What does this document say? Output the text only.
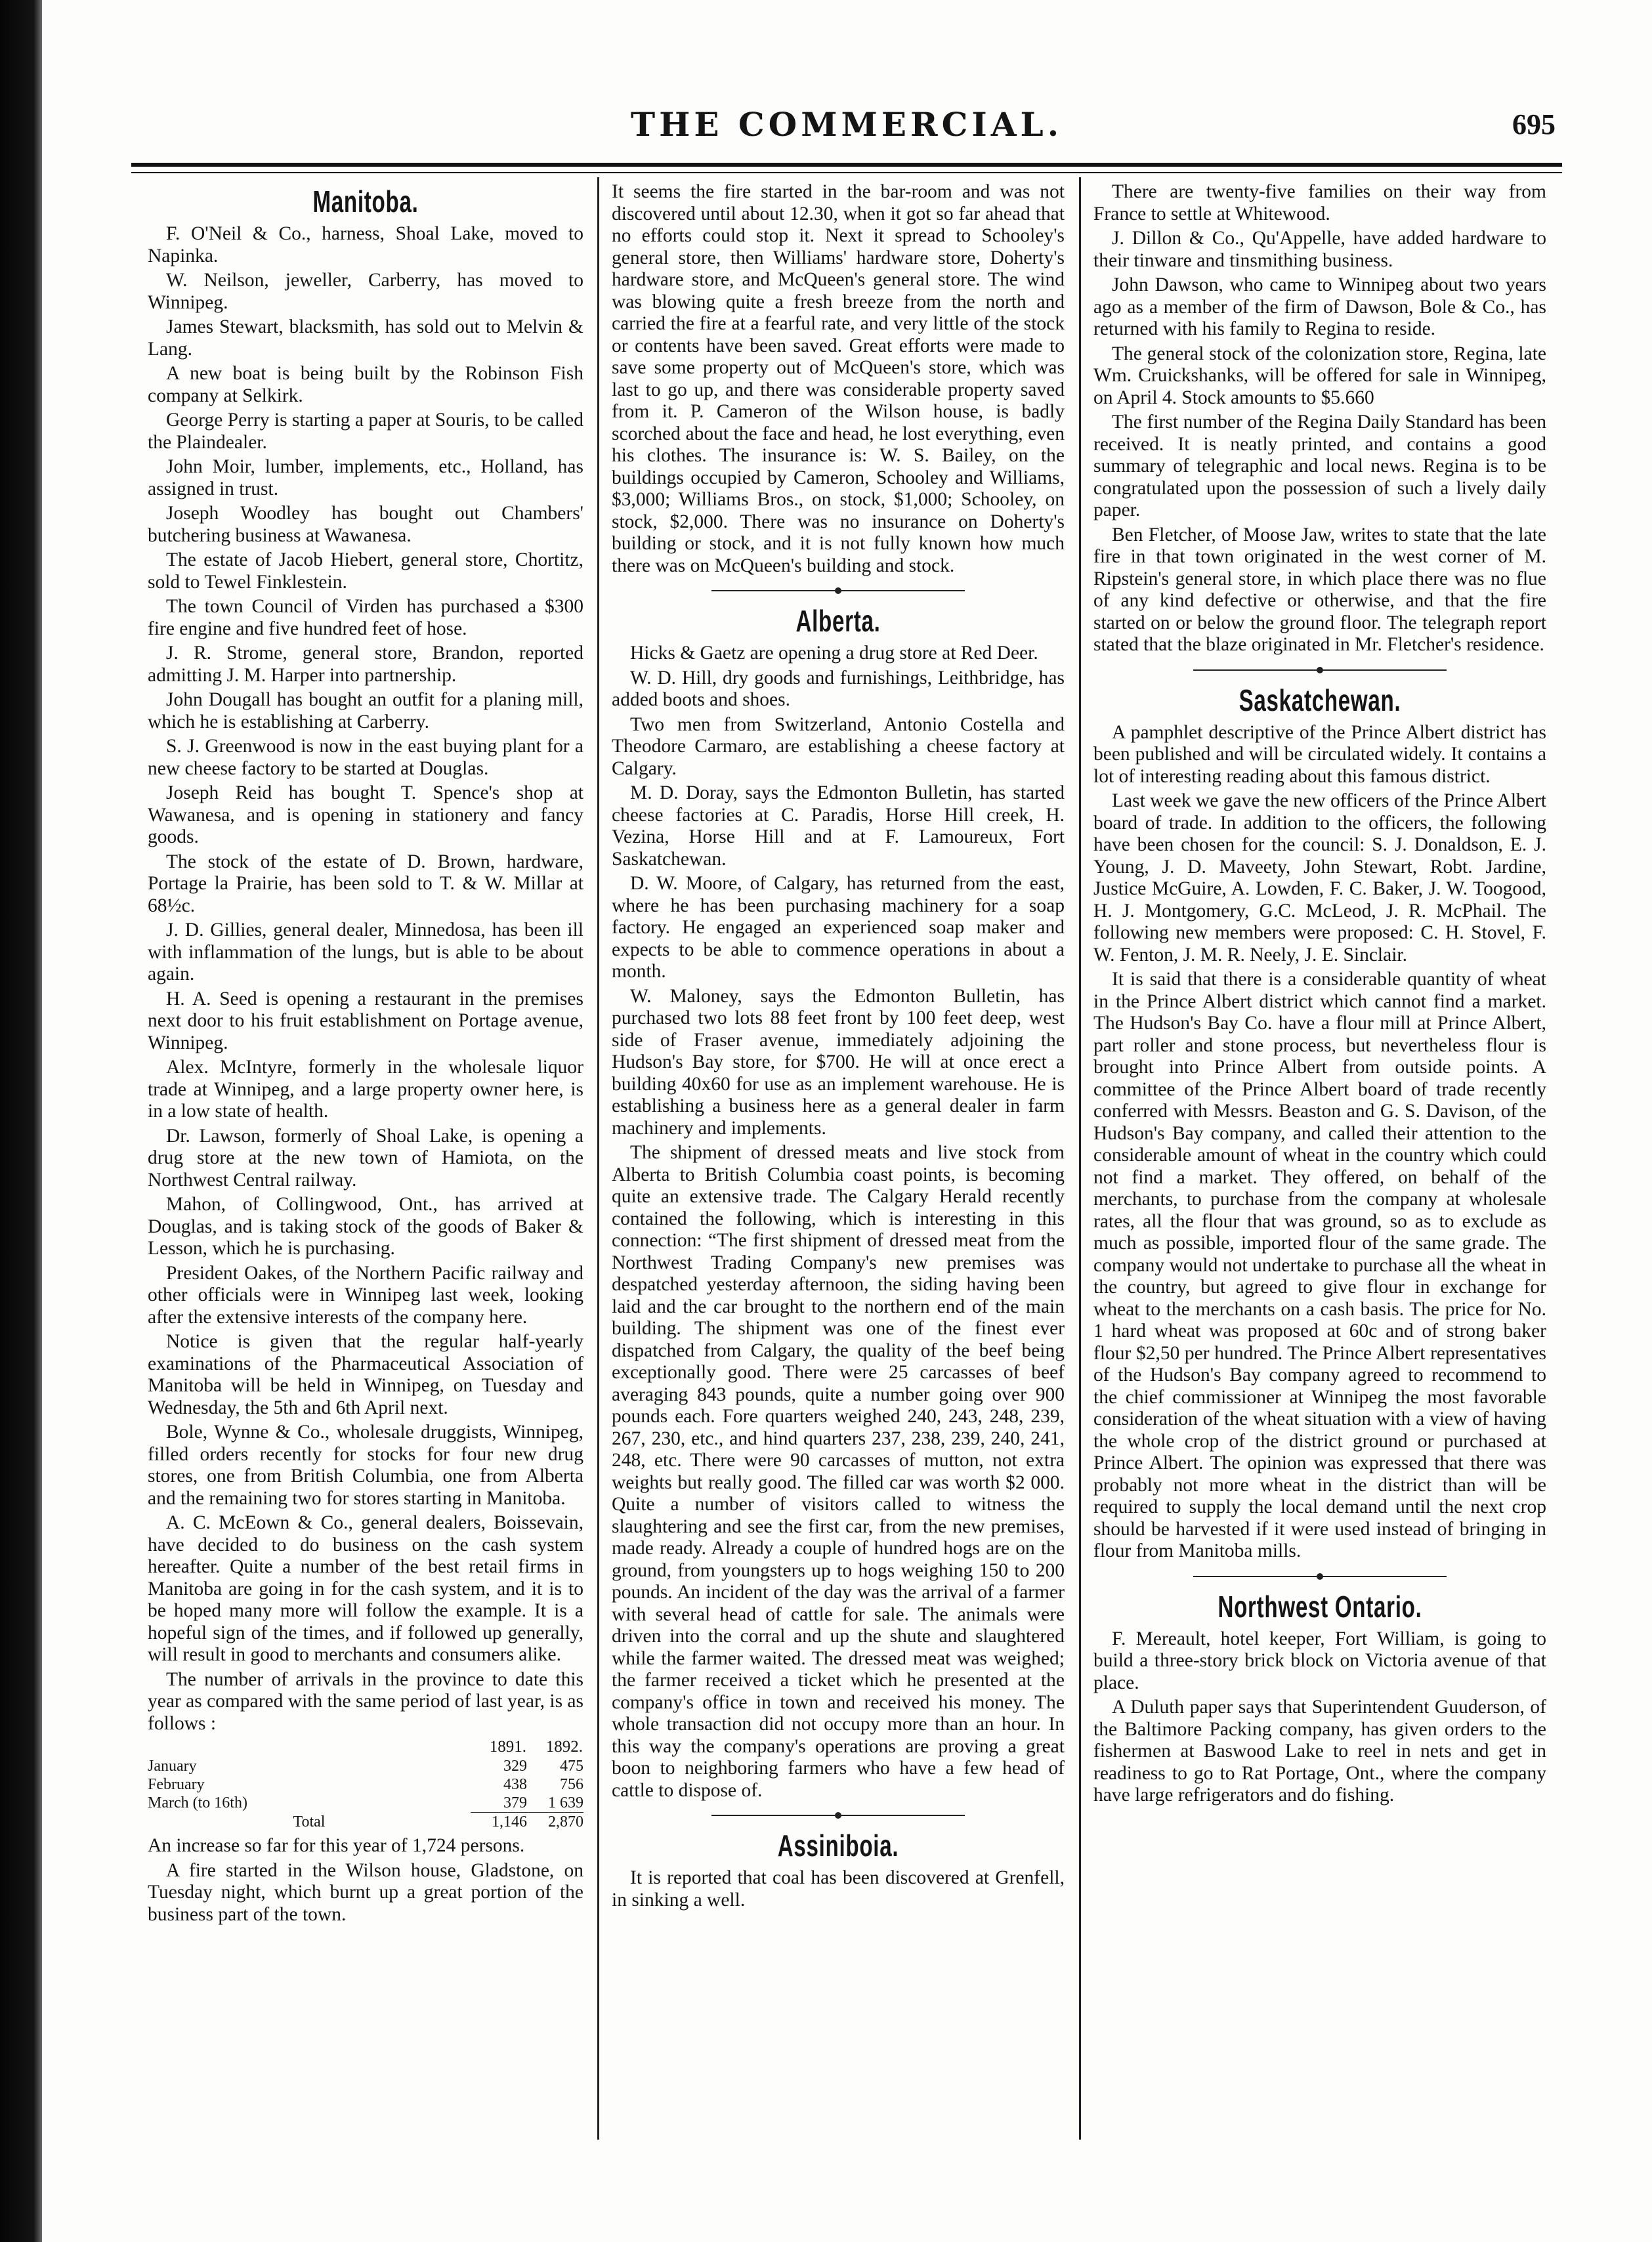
THE COMMERCIAL.	695
Manitoba.

F. O'Neil & Co., harness, Shoal Lake, moved to Napinka.

W. Neilson, jeweller, Carberry, has moved to Winnipeg.

James Stewart, blacksmith, has sold out to Melvin & Lang.

A new boat is being built by the Robinson Fish company at Selkirk.

George Perry is starting a paper at Souris, to be called the Plaindealer.

John Moir, lumber, implements, etc., Holland, has assigned in trust.

Joseph Woodley has bought out Chambers' butchering business at Wawanesa.

The estate of Jacob Hiebert, general store, Chortitz, sold to Tewel Finklestein.

The town Council of Virden has purchased a $300 fire engine and five hundred feet of hose.

J. R. Strome, general store, Brandon, reported admitting J. M. Harper into partnership.

John Dougall has bought an outfit for a planing mill, which he is establishing at Carberry.

S. J. Greenwood is now in the east buying plant for a new cheese factory to be started at Douglas.

Joseph Reid has bought T. Spence's shop at Wawanesa, and is opening in stationery and fancy goods.

The stock of the estate of D. Brown, hardware, Portage la Prairie, has been sold to T. & W. Millar at 68½c.

J. D. Gillies, general dealer, Minnedosa, has been ill with inflammation of the lungs, but is able to be about again.

H. A. Seed is opening a restaurant in the premises next door to his fruit establishment on Portage avenue, Winnipeg.

Alex. McIntyre, formerly in the wholesale liquor trade at Winnipeg, and a large property owner here, is in a low state of health.

Dr. Lawson, formerly of Shoal Lake, is opening a drug store at the new town of Hamiota, on the Northwest Central railway.

Mahon, of Collingwood, Ont., has arrived at Douglas, and is taking stock of the goods of Baker & Lesson, which he is purchasing.

President Oakes, of the Northern Pacific railway and other officials were in Winnipeg last week, looking after the extensive interests of the company here.

Notice is given that the regular half-yearly examinations of the Pharmaceutical Association of Manitoba will be held in Winnipeg, on Tuesday and Wednesday, the 5th and 6th April next.

Bole, Wynne & Co., wholesale druggists, Winnipeg, filled orders recently for stocks for four new drug stores, one from British Columbia, one from Alberta and the remaining two for stores starting in Manitoba.

A. C. McEown & Co., general dealers, Boissevain, have decided to do business on the cash system hereafter. Quite a number of the best retail firms in Manitoba are going in for the cash system, and it is to be hoped many more will follow the example. It is a hopeful sign of the times, and if followed up generally, will result in good to merchants and consumers alike.

The number of arrivals in the province to date this year as compared with the same period of last year, is as follows :

	1891.	1892.
January	329	475
February	438	756
March (to 16th)	379	1 639
Total	1,146	2,870

An increase so far for this year of 1,724 persons.

A fire started in the Wilson house, Gladstone, on Tuesday night, which burnt up a great portion of the business part of the town.

It seems the fire started in the bar-room and was not discovered until about 12.30, when it got so far ahead that no efforts could stop it. Next it spread to Schooley's general store, then Williams' hardware store, Doherty's hardware store, and McQueen's general store. The wind was blowing quite a fresh breeze from the north and carried the fire at a fearful rate, and very little of the stock or contents have been saved. Great efforts were made to save some property out of McQueen's store, which was last to go up, and there was considerable property saved from it. P. Cameron of the Wilson house, is badly scorched about the face and head, he lost everything, even his clothes. The insurance is: W. S. Bailey, on the buildings occupied by Cameron, Schooley and Williams, $3,000; Williams Bros., on stock, $1,000; Schooley, on stock, $2,000. There was no insurance on Doherty's building or stock, and it is not fully known how much there was on McQueen's building and stock.

Alberta.

Hicks & Gaetz are opening a drug store at Red Deer.

W. D. Hill, dry goods and furnishings, Leithbridge, has added boots and shoes.

Two men from Switzerland, Antonio Costella and Theodore Carmaro, are establishing a cheese factory at Calgary.

M. D. Doray, says the Edmonton Bulletin, has started cheese factories at C. Paradis, Horse Hill creek, H. Vezina, Horse Hill and at F. Lamoureux, Fort Saskatchewan.

D. W. Moore, of Calgary, has returned from the east, where he has been purchasing machinery for a soap factory. He engaged an experienced soap maker and expects to be able to commence operations in about a month.

W. Maloney, says the Edmonton Bulletin, has purchased two lots 88 feet front by 100 feet deep, west side of Fraser avenue, immediately adjoining the Hudson's Bay store, for $700. He will at once erect a building 40x60 for use as an implement warehouse. He is establishing a business here as a general dealer in farm machinery and implements.

The shipment of dressed meats and live stock from Alberta to British Columbia coast points, is becoming quite an extensive trade. The Calgary Herald recently contained the following, which is interesting in this connection: “The first shipment of dressed meat from the Northwest Trading Company's new premises was despatched yesterday afternoon, the siding having been laid and the car brought to the northern end of the main building. The shipment was one of the finest ever dispatched from Calgary, the quality of the beef being exceptionally good. There were 25 carcasses of beef averaging 843 pounds, quite a number going over 900 pounds each. Fore quarters weighed 240, 243, 248, 239, 267, 230, etc., and hind quarters 237, 238, 239, 240, 241, 248, etc. There were 90 carcasses of mutton, not extra weights but really good. The filled car was worth $2 000. Quite a number of visitors called to witness the slaughtering and see the first car, from the new premises, made ready. Already a couple of hundred hogs are on the ground, from youngsters up to hogs weighing 150 to 200 pounds. An incident of the day was the arrival of a farmer with several head of cattle for sale. The animals were driven into the corral and up the shute and slaughtered while the farmer waited. The dressed meat was weighed; the farmer received a ticket which he presented at the company's office in town and received his money. The whole transaction did not occupy more than an hour. In this way the company's operations are proving a great boon to neighboring farmers who have a few head of cattle to dispose of.

Assiniboia.

It is reported that coal has been discovered at Grenfell, in sinking a well.

There are twenty-five families on their way from France to settle at Whitewood.

J. Dillon & Co., Qu'Appelle, have added hardware to their tinware and tinsmithing business.

John Dawson, who came to Winnipeg about two years ago as a member of the firm of Dawson, Bole & Co., has returned with his family to Regina to reside.

The general stock of the colonization store, Regina, late Wm. Cruickshanks, will be offered for sale in Winnipeg, on April 4. Stock amounts to $5.660

The first number of the Regina Daily Standard has been received. It is neatly printed, and contains a good summary of telegraphic and local news. Regina is to be congratulated upon the possession of such a lively daily paper.

Ben Fletcher, of Moose Jaw, writes to state that the late fire in that town originated in the west corner of M. Ripstein's general store, in which place there was no flue of any kind defective or otherwise, and that the fire started on or below the ground floor. The telegraph report stated that the blaze originated in Mr. Fletcher's residence.

Saskatchewan.

A pamphlet descriptive of the Prince Albert district has been published and will be circulated widely. It contains a lot of interesting reading about this famous district.

Last week we gave the new officers of the Prince Albert board of trade. In addition to the officers, the following have been chosen for the council: S. J. Donaldson, E. J. Young, J. D. Maveety, John Stewart, Robt. Jardine, Justice McGuire, A. Lowden, F. C. Baker, J. W. Toogood, H. J. Montgomery, G.C. McLeod, J. R. McPhail. The following new members were proposed: C. H. Stovel, F. W. Fenton, J. M. R. Neely, J. E. Sinclair.

It is said that there is a considerable quantity of wheat in the Prince Albert district which cannot find a market. The Hudson's Bay Co. have a flour mill at Prince Albert, part roller and stone process, but nevertheless flour is brought into Prince Albert from outside points. A committee of the Prince Albert board of trade recently conferred with Messrs. Beaston and G. S. Davison, of the Hudson's Bay company, and called their attention to the considerable amount of wheat in the country which could not find a market. They offered, on behalf of the merchants, to purchase from the company at wholesale rates, all the flour that was ground, so as to exclude as much as possible, imported flour of the same grade. The company would not undertake to purchase all the wheat in the country, but agreed to give flour in exchange for wheat to the merchants on a cash basis. The price for No. 1 hard wheat was proposed at 60c and of strong baker flour $2,50 per hundred. The Prince Albert representatives of the Hudson's Bay company agreed to recommend to the chief commissioner at Winnipeg the most favorable consideration of the wheat situation with a view of having the whole crop of the district ground or purchased at Prince Albert. The opinion was expressed that there was probably not more wheat in the district than will be required to supply the local demand until the next crop should be harvested if it were used instead of bringing in flour from Manitoba mills.

Northwest Ontario.

F. Mereault, hotel keeper, Fort William, is going to build a three-story brick block on Victoria avenue of that place.

A Duluth paper says that Superintendent Guuderson, of the Baltimore Packing company, has given orders to the fishermen at Baswood Lake to reel in nets and get in readiness to go to Rat Portage, Ont., where the company have large refrigerators and do fishing.
